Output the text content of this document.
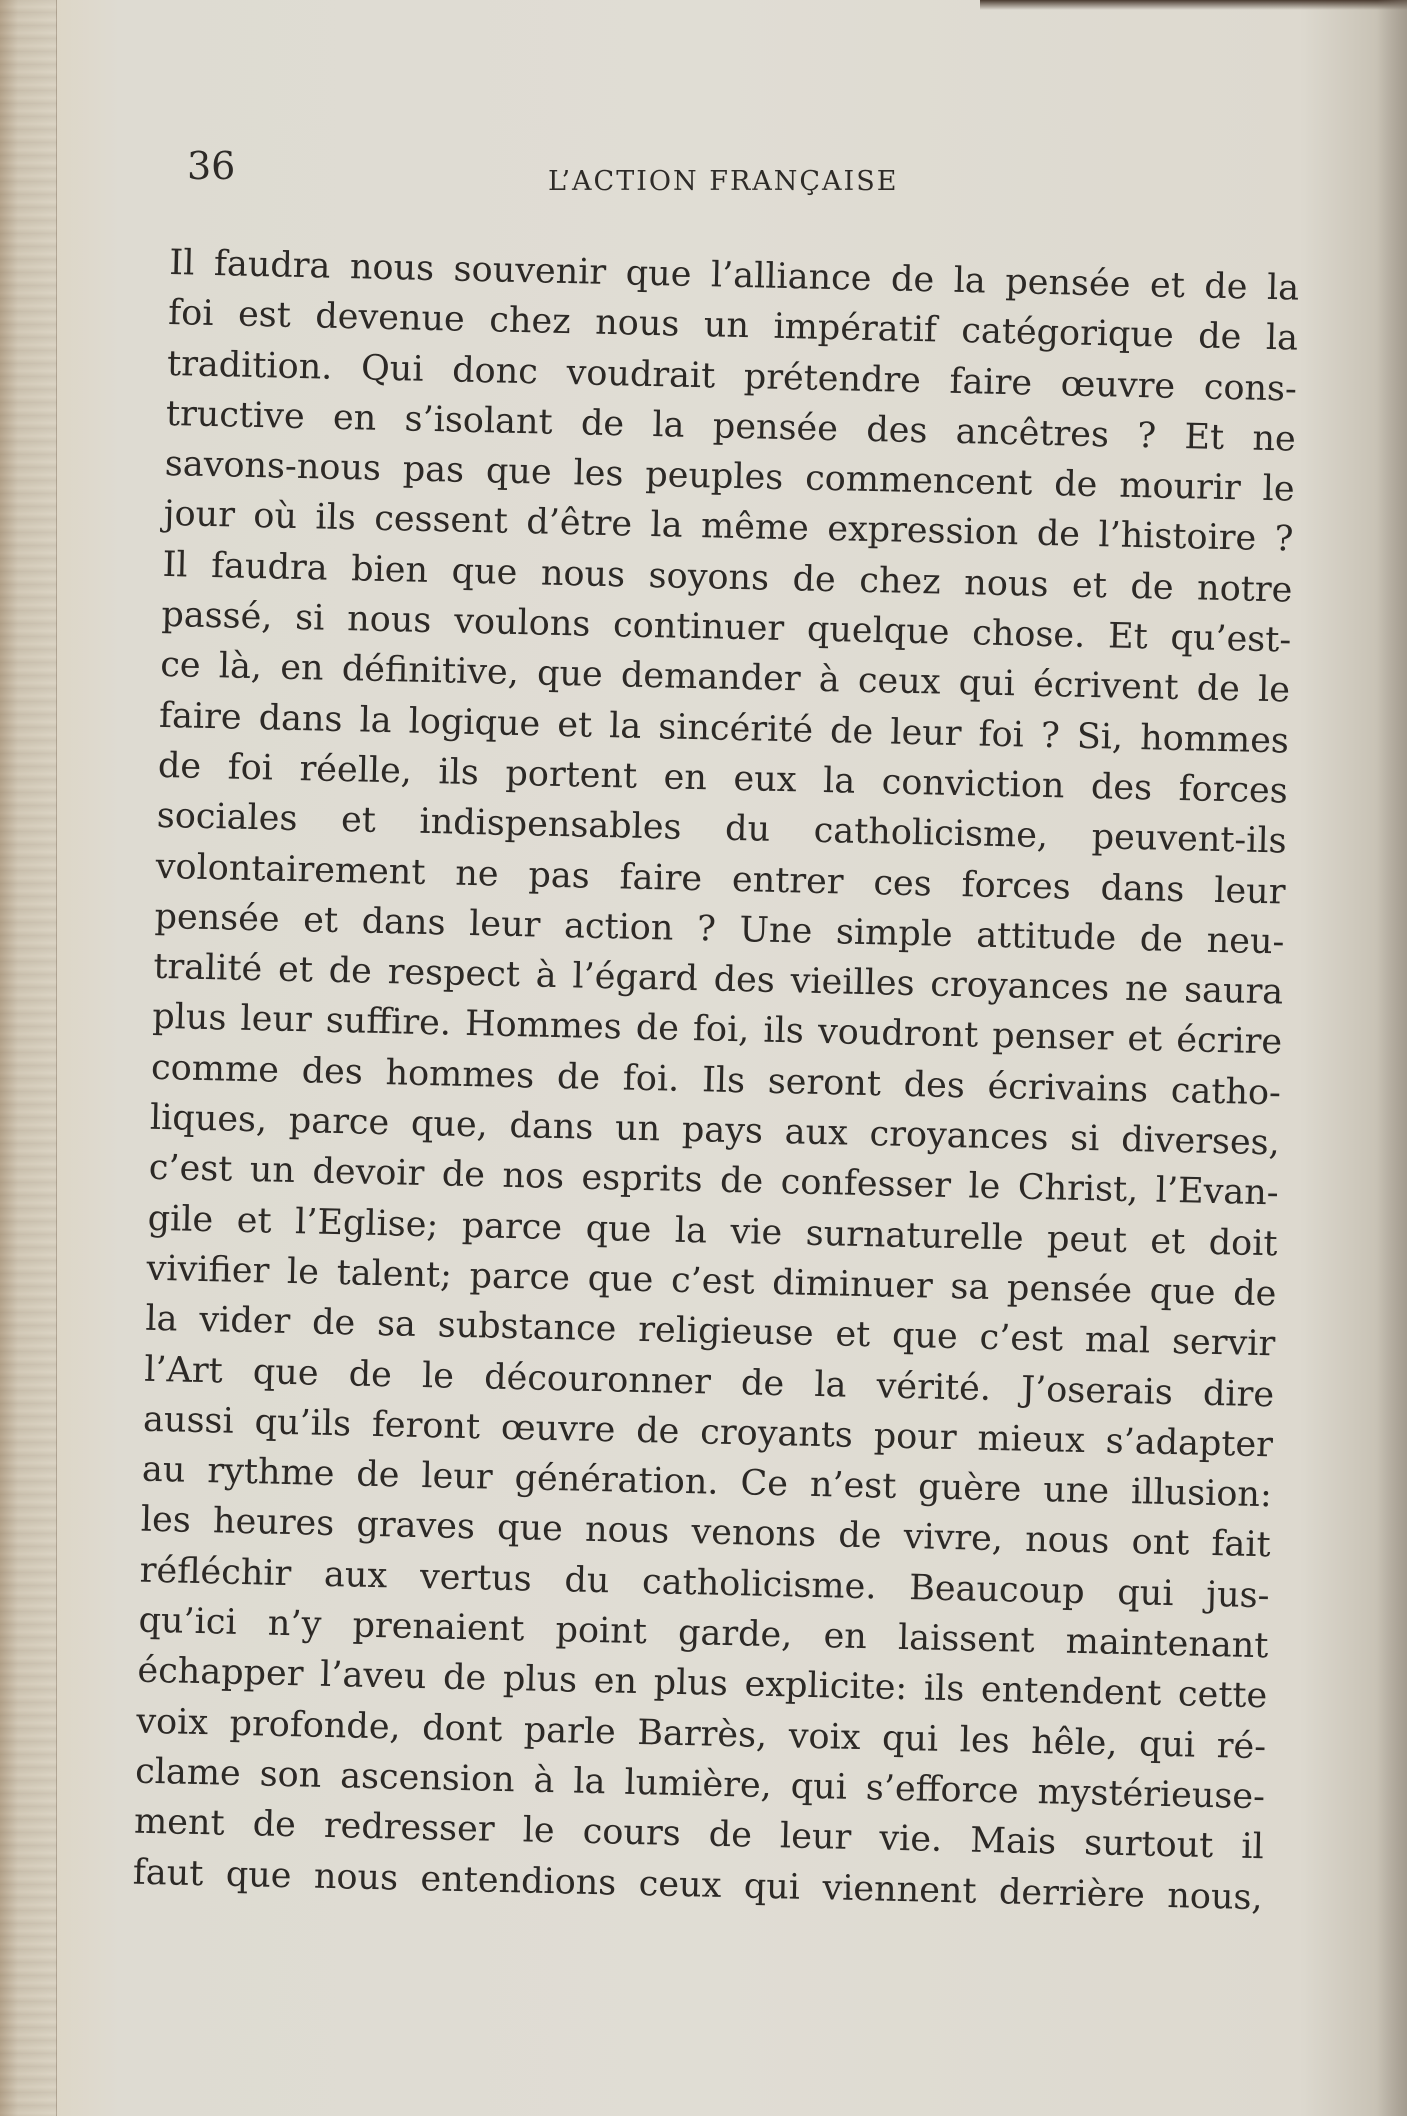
36	L’ACTION FRANÇAISE
Il faudra nous souvenir que l’alliance de la pensée et de la
foi est devenue chez nous un impératif catégorique de la
tradition. Qui donc voudrait prétendre faire œuvre cons-
tructive en s’isolant de la pensée des ancêtres ? Et ne
savons-nous pas que les peuples commencent de mourir le
jour où ils cessent d’être la même expression de l’histoire ?
Il faudra bien que nous soyons de chez nous et de notre
passé, si nous voulons continuer quelque chose. Et qu’est-
ce là, en définitive, que demander à ceux qui écrivent de le
faire dans la logique et la sincérité de leur foi ? Si, hommes
de foi réelle, ils portent en eux la conviction des forces
sociales et indispensables du catholicisme, peuvent-ils
volontairement ne pas faire entrer ces forces dans leur
pensée et dans leur action ? Une simple attitude de neu-
tralité et de respect à l’égard des vieilles croyances ne saura
plus leur suffire. Hommes de foi, ils voudront penser et écrire
comme des hommes de foi. Ils seront des écrivains catho-
liques, parce que, dans un pays aux croyances si diverses,
c’est un devoir de nos esprits de confesser le Christ, l’Evan-
gile et l’Eglise; parce que la vie surnaturelle peut et doit
vivifier le talent; parce que c’est diminuer sa pensée que de
la vider de sa substance religieuse et que c’est mal servir
l’Art que de le découronner de la vérité. J’oserais dire
aussi qu’ils feront œuvre de croyants pour mieux s’adapter
au rythme de leur génération. Ce n’est guère une illusion:
les heures graves que nous venons de vivre, nous ont fait
réfléchir aux vertus du catholicisme. Beaucoup qui jus-
qu’ici n’y prenaient point garde, en laissent maintenant
échapper l’aveu de plus en plus explicite: ils entendent cette
voix profonde, dont parle Barrès, voix qui les hêle, qui ré-
clame son ascension à la lumière, qui s’efforce mystérieuse-
ment de redresser le cours de leur vie. Mais surtout il
faut que nous entendions ceux qui viennent derrière nous,
